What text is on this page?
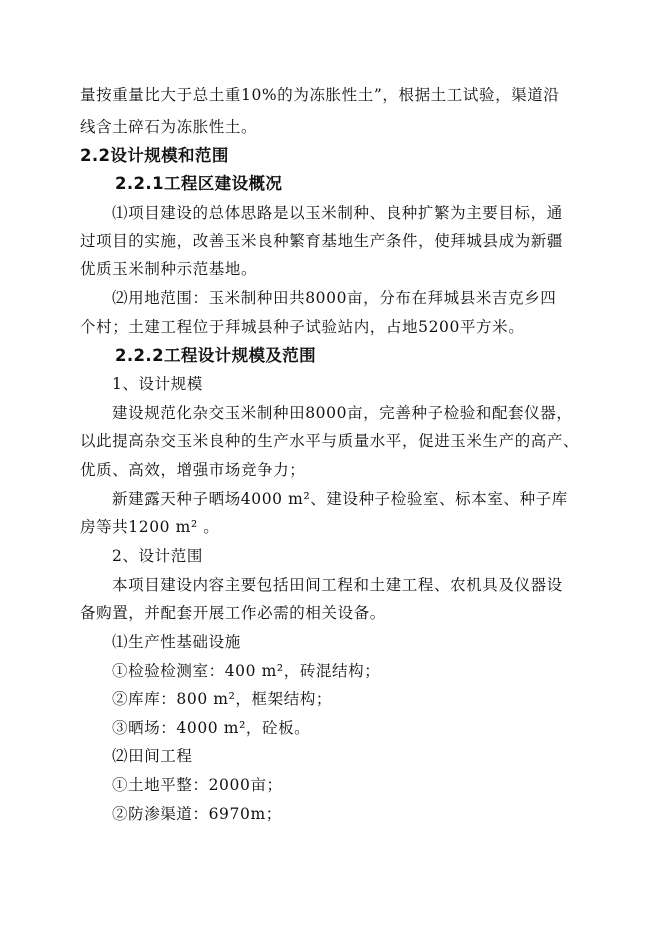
量按重量比大于总土重10%的为冻胀性土”，根据土工试验，渠道沿
线含土碎石为冻胀性土。
2.2设计规模和范围
2.2.1工程区建设概况
⑴项目建设的总体思路是以玉米制种、良种扩繁为主要目标，通
过项目的实施，改善玉米良种繁育基地生产条件，使拜城县成为新疆
优质玉米制种示范基地。
⑵用地范围：玉米制种田共8000亩，分布在拜城县米吉克乡四
个村；土建工程位于拜城县种子试验站内，占地5200平方米。
2.2.2工程设计规模及范围
1、设计规模
建设规范化杂交玉米制种田8000亩，完善种子检验和配套仪器，
以此提高杂交玉米良种的生产水平与质量水平，促进玉米生产的高产、
优质、高效，增强市场竞争力；
新建露天种子晒场4000 m²、建设种子检验室、标本室、种子库
房等共1200 m² 。
2、设计范围
本项目建设内容主要包括田间工程和土建工程、农机具及仪器设
备购置，并配套开展工作必需的相关设备。
⑴生产性基础设施
①检验检测室：400 m²，砖混结构；
②库库：800 m²，框架结构；
③晒场：4000 m²，砼板。
⑵田间工程
①土地平整：2000亩；
②防渗渠道：6970m；
